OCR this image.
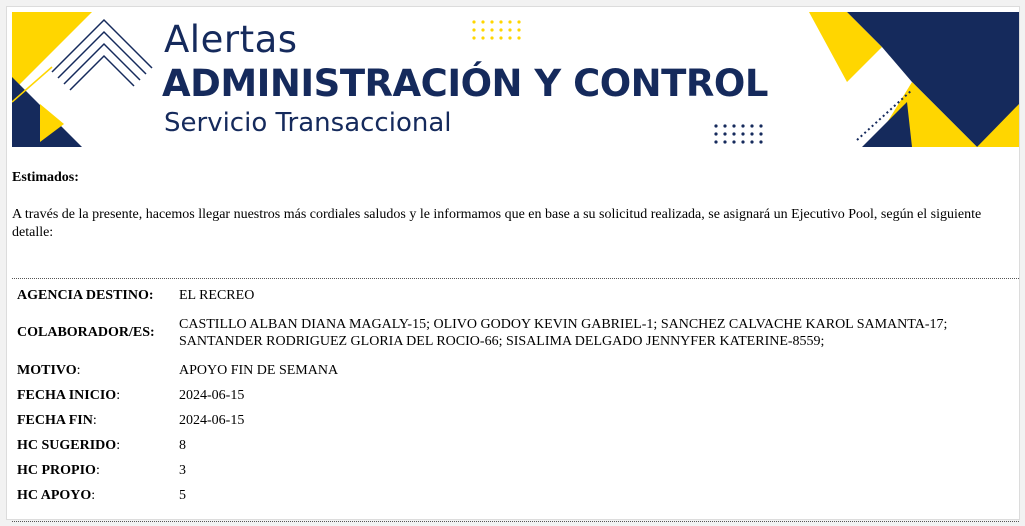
Alertas
ADMINISTRACIÓN Y CONTROL
Servicio Transaccional
Estimados:
A través de la presente, hacemos llegar nuestros más cordiales saludos y le informamos que en base a su solicitud realizada, se asignará un Ejecutivo Pool, según el siguiente detalle:
AGENCIA DESTINO:	EL RECREO
COLABORADOR/ES:	CASTILLO ALBAN DIANA MAGALY-15; OLIVO GODOY KEVIN GABRIEL-1; SANCHEZ CALVACHE KAROL SAMANTA-17; SANTANDER RODRIGUEZ GLORIA DEL ROCIO-66; SISALIMA DELGADO JENNYFER KATERINE-8559;
MOTIVO:	APOYO FIN DE SEMANA
FECHA INICIO:	2024-06-15
FECHA FIN:	2024-06-15
HC SUGERIDO:	8
HC PROPIO:	3
HC APOYO:	5
